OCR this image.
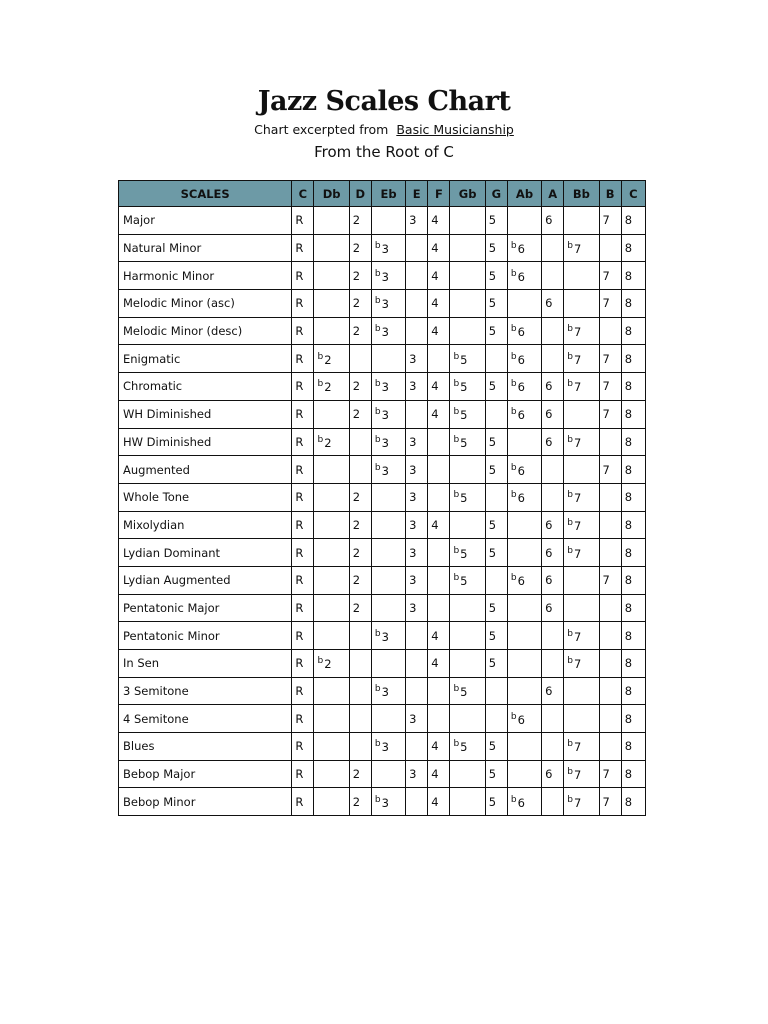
Jazz Scales Chart
Chart excerpted from Basic Musicianship
From the Root of C
SCALES	C	Db	D	Eb	E	F	Gb	G	Ab	A	Bb	B	C
Major	R		2		3	4		5		6		7	8
Natural Minor	R		2	$^b$3		4		5	$^b$6		$^b$7		8
Harmonic Minor	R		2	$^b$3		4		5	$^b$6			7	8
Melodic Minor (asc)	R		2	$^b$3		4		5		6		7	8
Melodic Minor (desc)	R		2	$^b$3		4		5	$^b$6		$^b$7		8
Enigmatic	R	$^b$2			3		$^b$5		$^b$6		$^b$7	7	8
Chromatic	R	$^b$2	2	$^b$3	3	4	$^b$5	5	$^b$6	6	$^b$7	7	8
WH Diminished	R		2	$^b$3		4	$^b$5		$^b$6	6		7	8
HW Diminished	R	$^b$2		$^b$3	3		$^b$5	5		6	$^b$7		8
Augmented	R			$^b$3	3			5	$^b$6			7	8
Whole Tone	R		2		3		$^b$5		$^b$6		$^b$7		8
Mixolydian	R		2		3	4		5		6	$^b$7		8
Lydian Dominant	R		2		3		$^b$5	5		6	$^b$7		8
Lydian Augmented	R		2		3		$^b$5		$^b$6	6		7	8
Pentatonic Major	R		2		3			5		6			8
Pentatonic Minor	R			$^b$3		4		5			$^b$7		8
In Sen	R	$^b$2				4		5			$^b$7		8
3 Semitone	R			$^b$3			$^b$5			6			8
4 Semitone	R				3				$^b$6				8
Blues	R			$^b$3		4	$^b$5	5			$^b$7		8
Bebop Major	R		2		3	4		5		6	$^b$7	7	8
Bebop Minor	R		2	$^b$3		4		5	$^b$6		$^b$7	7	8
